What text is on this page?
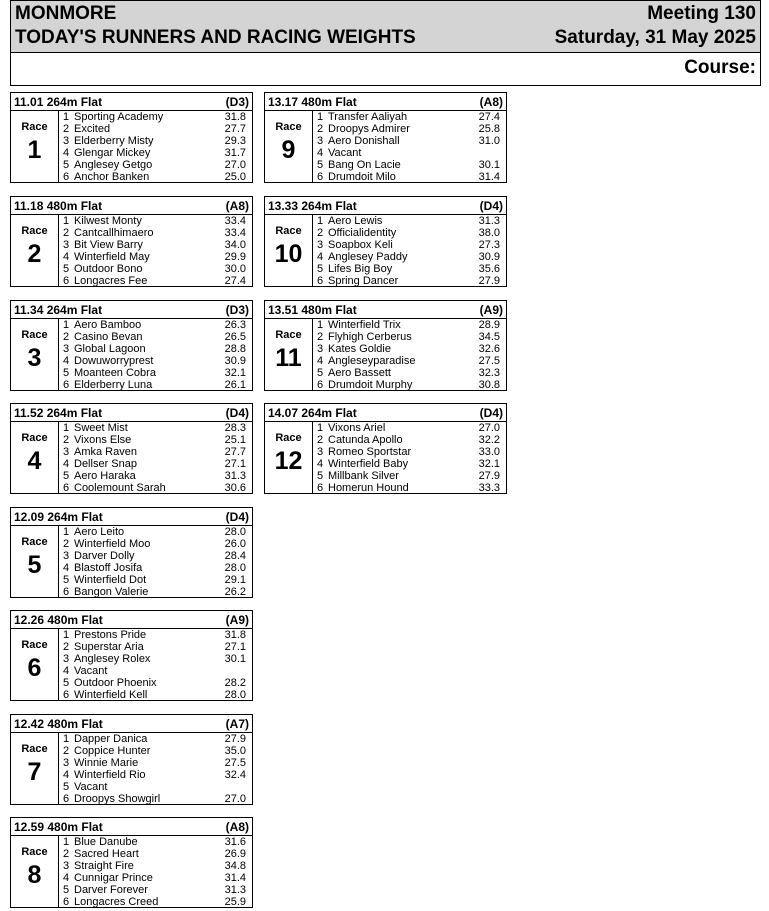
MONMORE
TODAY'S RUNNERS AND RACING WEIGHTS
Meeting 130
Saturday, 31 May 2025
Course:
11.01 264m Flat	(D3)
Race
1
1 Sporting Academy	31.8
2 Excited	27.7
3 Elderberry Misty	29.3
4 Glengar Mickey	31.7
5 Anglesey Getgo	27.0
6 Anchor Banken	25.0
11.18 480m Flat	(A8)
Race
2
1 Kilwest Monty	33.4
2 Cantcallhimaero	33.4
3 Bit View Barry	34.0
4 Winterfield May	29.9
5 Outdoor Bono	30.0
6 Longacres Fee	27.4
11.34 264m Flat	(D3)
Race
3
1 Aero Bamboo	26.3
2 Casino Bevan	26.5
3 Global Lagoon	28.8
4 Dowuworryprest	30.9
5 Moanteen Cobra	32.1
6 Elderberry Luna	26.1
11.52 264m Flat	(D4)
Race
4
1 Sweet Mist	28.3
2 Vixons Else	25.1
3 Amka Raven	27.7
4 Dellser Snap	27.1
5 Aero Haraka	31.3
6 Coolemount Sarah	30.6
12.09 264m Flat	(D4)
Race
5
1 Aero Leito	28.0
2 Winterfield Moo	26.0
3 Darver Dolly	28.4
4 Blastoff Josifa	28.0
5 Winterfield Dot	29.1
6 Bangon Valerie	26.2
12.26 480m Flat	(A9)
Race
6
1 Prestons Pride	31.8
2 Superstar Aria	27.1
3 Anglesey Rolex	30.1
4 Vacant
5 Outdoor Phoenix	28.2
6 Winterfield Kell	28.0
12.42 480m Flat	(A7)
Race
7
1 Dapper Danica	27.9
2 Coppice Hunter	35.0
3 Winnie Marie	27.5
4 Winterfield Rio	32.4
5 Vacant
6 Droopys Showgirl	27.0
12.59 480m Flat	(A8)
Race
8
1 Blue Danube	31.6
2 Sacred Heart	26.9
3 Straight Fire	34.8
4 Cunnigar Prince	31.4
5 Darver Forever	31.3
6 Longacres Creed	25.9
13.17 480m Flat	(A8)
Race
9
1 Transfer Aaliyah	27.4
2 Droopys Admirer	25.8
3 Aero Donishall	31.0
4 Vacant
5 Bang On Lacie	30.1
6 Drumdoit Milo	31.4
13.33 264m Flat	(D4)
Race
10
1 Aero Lewis	31.3
2 Officialidentity	38.0
3 Soapbox Keli	27.3
4 Anglesey Paddy	30.9
5 Lifes Big Boy	35.6
6 Spring Dancer	27.9
13.51 480m Flat	(A9)
Race
11
1 Winterfield Trix	28.9
2 Flyhigh Cerberus	34.5
3 Kates Goldie	32.6
4 Angleseyparadise	27.5
5 Aero Bassett	32.3
6 Drumdoit Murphy	30.8
14.07 264m Flat	(D4)
Race
12
1 Vixons Ariel	27.0
2 Catunda Apollo	32.2
3 Romeo Sportstar	33.0
4 Winterfield Baby	32.1
5 Millbank Silver	27.9
6 Homerun Hound	33.3
